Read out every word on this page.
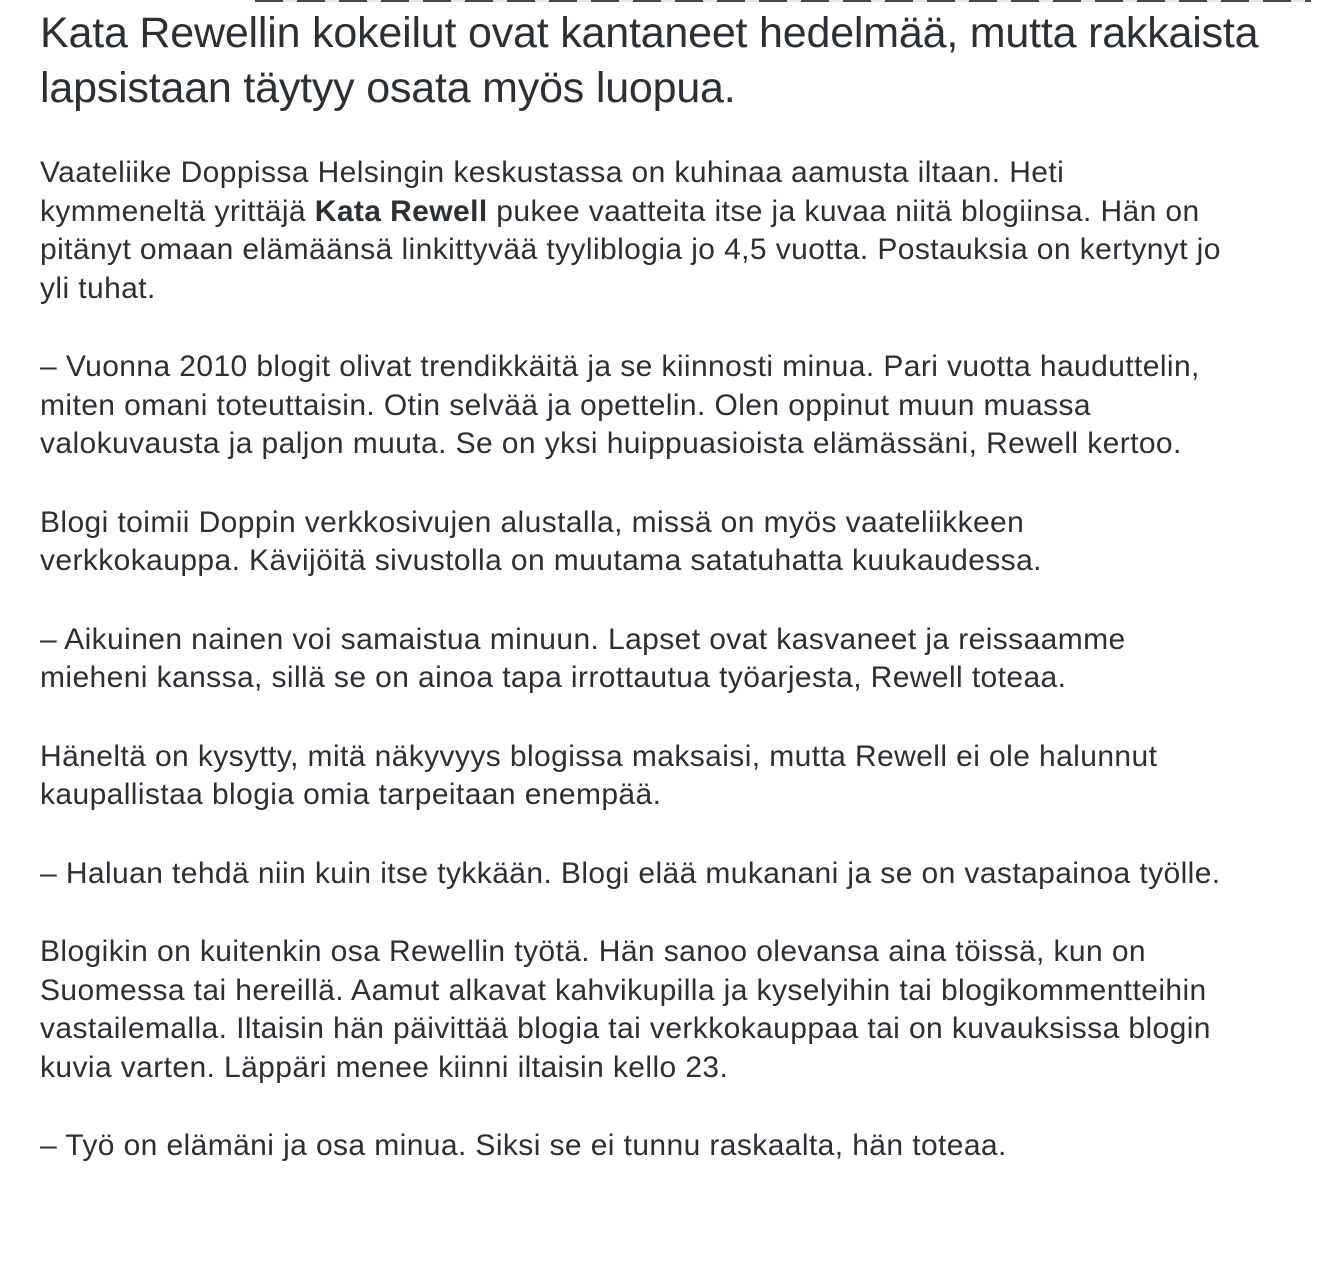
Kata Rewellin kokeilut ovat kantaneet hedelmää, mutta rakkaista lapsistaan täytyy osata myös luopua.

Vaateliike Doppissa Helsingin keskustassa on kuhinaa aamusta iltaan. Heti kymmeneltä yrittäjä Kata Rewell pukee vaatteita itse ja kuvaa niitä blogiinsa. Hän on pitänyt omaan elämäänsä linkittyvää tyyliblogia jo 4,5 vuotta. Postauksia on kertynyt jo yli tuhat.

– Vuonna 2010 blogit olivat trendikkäitä ja se kiinnosti minua. Pari vuotta hauduttelin, miten omani toteuttaisin. Otin selvää ja opettelin. Olen oppinut muun muassa valokuvausta ja paljon muuta. Se on yksi huippuasioista elämässäni, Rewell kertoo.

Blogi toimii Doppin verkkosivujen alustalla, missä on myös vaateliikkeen verkkokauppa. Kävijöitä sivustolla on muutama satatuhatta kuukaudessa.

– Aikuinen nainen voi samaistua minuun. Lapset ovat kasvaneet ja reissaamme mieheni kanssa, sillä se on ainoa tapa irrottautua työarjesta, Rewell toteaa.

Häneltä on kysytty, mitä näkyvyys blogissa maksaisi, mutta Rewell ei ole halunnut kaupallistaa blogia omia tarpeitaan enempää.

– Haluan tehdä niin kuin itse tykkään. Blogi elää mukanani ja se on vastapainoa työlle.

Blogikin on kuitenkin osa Rewellin työtä. Hän sanoo olevansa aina töissä, kun on Suomessa tai hereillä. Aamut alkavat kahvikupilla ja kyselyihin tai blogikommentteihin vastailemalla. Iltaisin hän päivittää blogia tai verkkokauppaa tai on kuvauksissa blogin kuvia varten. Läppäri menee kiinni iltaisin kello 23.

– Työ on elämäni ja osa minua. Siksi se ei tunnu raskaalta, hän toteaa.
